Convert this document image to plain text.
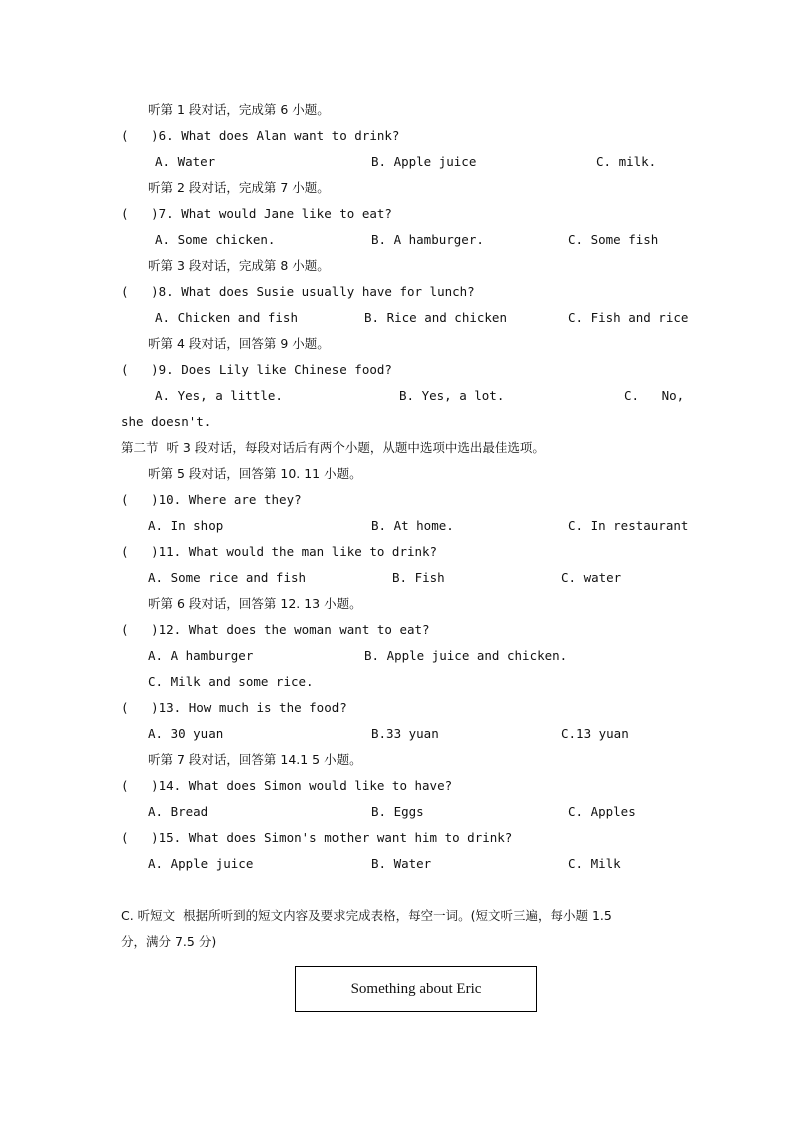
听第 1 段对话，完成第 6 小题。
(   )6. What does Alan want to drink?
A. Water	B. Apple juice	C. milk.
听第 2 段对话，完成第 7 小题。
(   )7. What would Jane like to eat?
A. Some chicken.	B. A hamburger.	C. Some fish
听第 3 段对话，完成第 8 小题。
(   )8. What does Susie usually have for lunch?
A. Chicken and fish	B. Rice and chicken	C. Fish and rice
听第 4 段对话，回答第 9 小题。
(   )9. Does Lily like Chinese food?
A. Yes, a little.	B. Yes, a lot.	C.   No,
she doesn't.
第二节  听 3 段对话，每段对话后有两个小题，从题中选项中选出最佳选项。
听第 5 段对话，回答第 10. 11 小题。
(   )10. Where are they?
A. In shop	B. At home.	C. In restaurant
(   )11. What would the man like to drink?
A. Some rice and fish	B. Fish	C. water
听第 6 段对话，回答第 12. 13 小题。
(   )12. What does the woman want to eat?
A. A hamburger	B. Apple juice and chicken.
C. Milk and some rice.
(   )13. How much is the food?
A. 30 yuan	B.33 yuan	C.13 yuan
听第 7 段对话，回答第 14.1 5 小题。
(   )14. What does Simon would like to have?
A. Bread	B. Eggs	C. Apples
(   )15. What does Simon's mother want him to drink?
A. Apple juice	B. Water	C. Milk
C. 听短文  根据所听到的短文内容及要求完成表格，每空一词。(短文听三遍，每小题 1.5
分，满分 7.5 分)
Something about Eric
